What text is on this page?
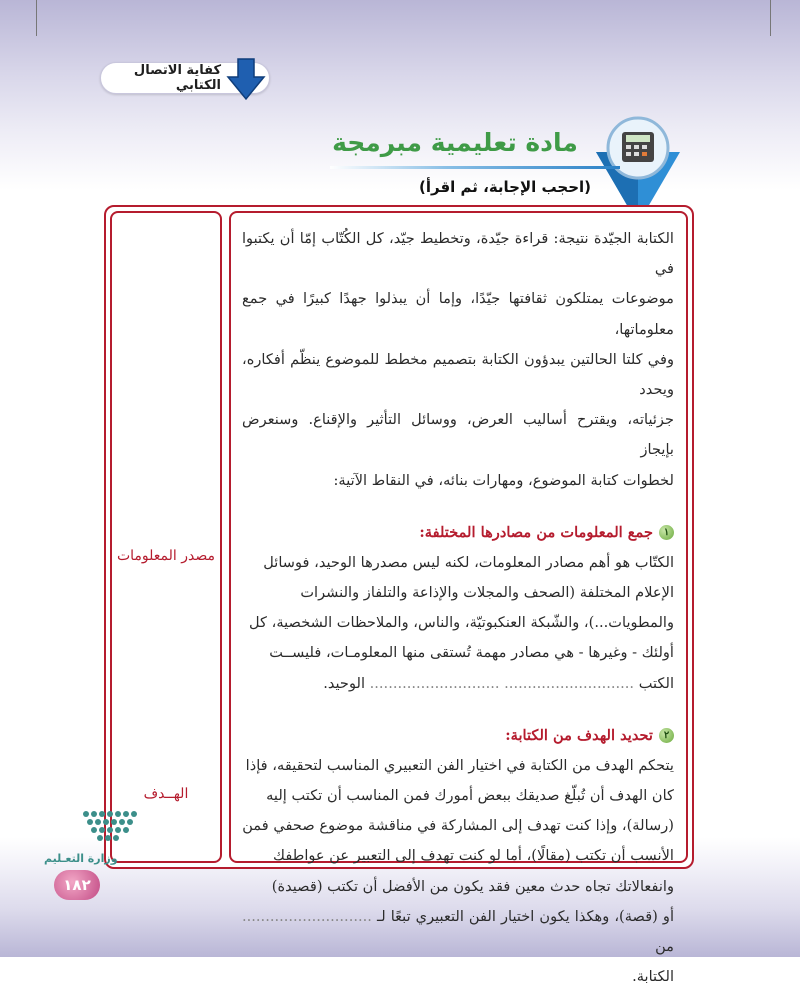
كفاية الاتصال الكتابي
مادة تعليمية مبرمجة
(احجب الإجابة، ثم اقرأ)
مصدر المعلومات
الهــدف

الكتابة الجيّدة نتيجة: قراءة جيّدة، وتخطيط جيّد، كل الكُتّاب إمّا أن يكتبوا في

موضوعات يمتلكون ثقافتها جيّدًا، وإما أن يبذلوا جهدًا كبيرًا في جمع معلوماتها،

وفي كلتا الحالتين يبدؤون الكتابة بتصميم مخطط للموضوع ينظّم أفكاره، ويحدد

جزئياته، ويقترح أساليب العرض، ووسائل التأثير والإقناع. وسنعرض بإيجاز

لخطوات كتابة الموضوع، ومهارات بنائه، في النقاط الآتية:

١
جمع المعلومات من مصادرها المختلفة:

الكتّاب هو أهم مصادر المعلومات، لكنه ليس مصدرها الوحيد، فوسائل

الإعلام المختلفة (الصحف والمجلات والإذاعة والتلفاز والنشرات

والمطويات...)، والشّبكة العنكبوتيّة، والناس، والملاحظات الشخصية، كل

أولئك - وغيرها - هي مصادر مهمة تُستقى منها المعلومـات، فليســت

الكتب ............................ ............................ الوحيد.

٢
تحديد الهدف من الكتابة:

يتحكم الهدف من الكتابة في اختيار الفن التعبيري المناسب لتحقيقه، فإذا

كان الهدف أن تُبلّغ صديقك ببعض أمورك فمن المناسب أن تكتب إليه

(رسالة)، وإذا كنت تهدف إلى المشاركة في مناقشة موضوع صحفي فمن

الأنسب أن تكتب (مقالًا)، أما لو كنت تهدف إلى التعبير عن عواطفك

وانفعالاتك تجاه حدث معين فقد يكون من الأفضل أن تكتب (قصيدة)

أو (قصة)، وهكذا يكون اختيار الفن التعبيري تبعًا لـ ............................ من

الكتابة.

وزارة التعـليم
١٨٢
